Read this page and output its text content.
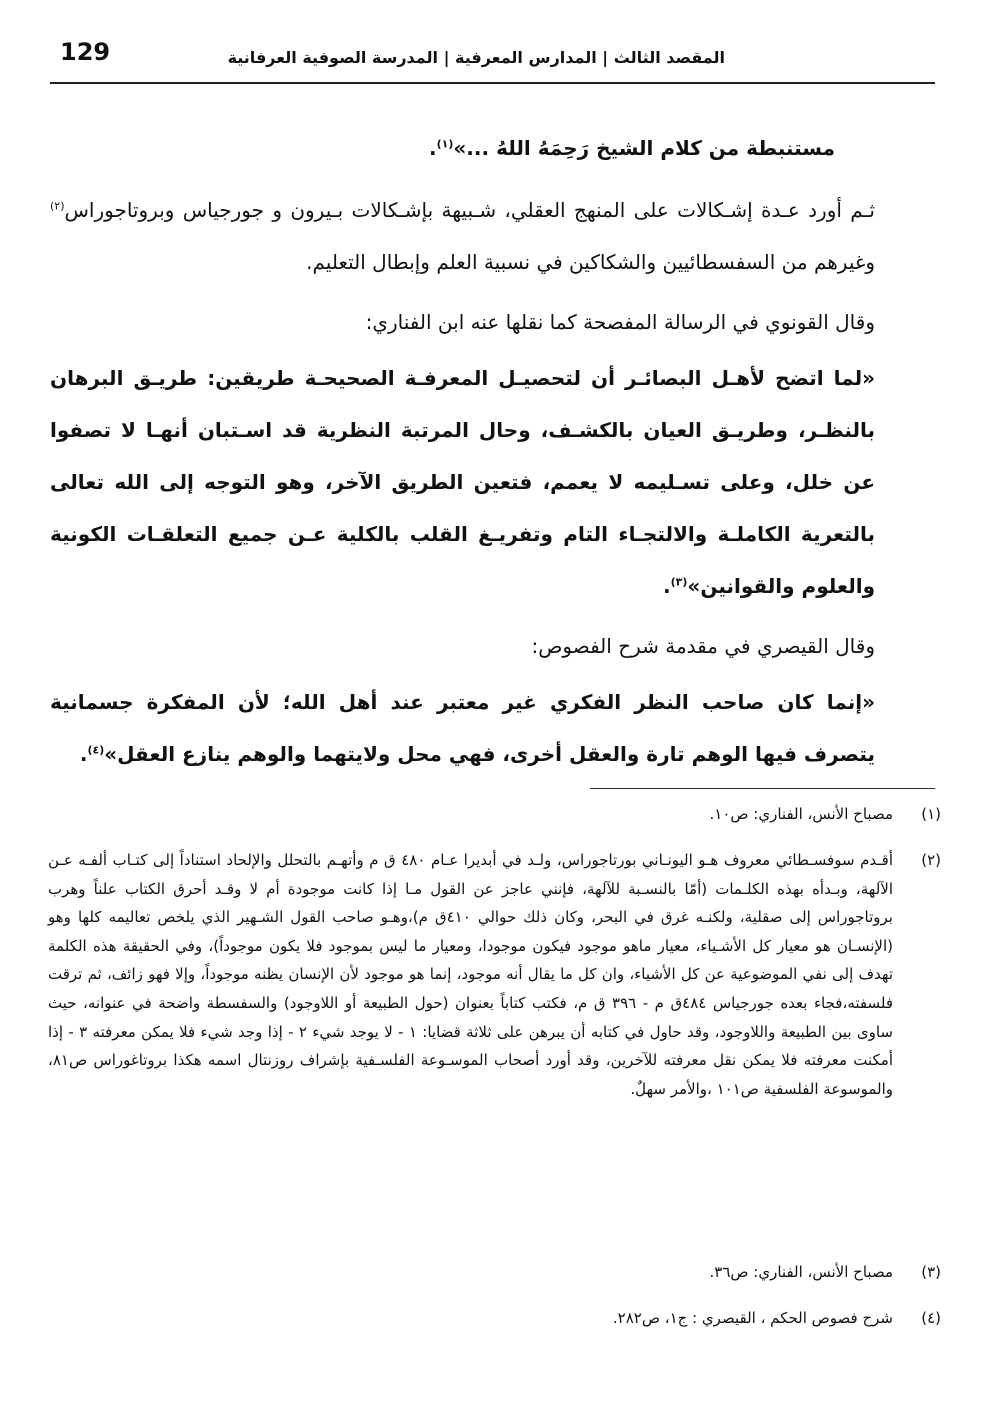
129	المقصد الثالث | المدارس المعرفية | المدرسة الصوفية العرفانية

مستنبطة من كلام الشيخ رَحِمَهُ اللهُ ...»$^{(١)}$.

ثـم أورد عـدة إشـكالات على المنهج العقلي، شـبيهة بإشـكالات بـيرون و جورجياس وبروتاجوراس$^{(٢)}$ وغيرهم من السفسطائيين والشكاكين في نسبية العلم وإبطال التعليم.

وقال القونوي في الرسالة المفصحة كما نقلها عنه ابن الفناري:

«لما اتضح لأهـل البصائـر أن لتحصيـل المعرفـة الصحيحـة طريقين: طريـق البرهان بالنظـر، وطريـق العيان بالكشـف، وحال المرتبة النظرية قد اسـتبان أنهـا لا تصفوا عن خلل، وعلى تسـليمه لا يعمم، فتعين الطريق الآخر، وهو التوجه إلى الله تعالى بالتعرية الكاملـة والالتجـاء التام وتفريـغ القلب بالكلية عـن جميع التعلقـات الكونية والعلوم والقوانين»$^{(٣)}$.

وقال القيصري في مقدمة شرح الفصوص:

«إنما كان صاحب النظر الفكري غير معتبر عند أهل الله؛ لأن المفكرة جسمانية يتصرف فيها الوهم تارة والعقل أخرى، فهي محل ولايتهما والوهم ينازع العقل»$^{(٤)}$.

(١)
مصباح الأنس، الفناري: ص١٠.
(٢)
أقـدم سوفسـطائي معروف هـو اليونـاني بورتاجوراس، ولـد في أبديرا عـام ٤٨٠ ق م وأتهـم بالتحلل والإلحاد استناداً إلى كتـاب ألفـه عـن الآلهة، وبـدأه بهذه الكلـمات (أمّا بالنسـبة للآلهة، فإنني عاجز عن القول مـا إذا كانت موجودة أم لا وقـد أحرق الكتاب علناً وهرب بروتاجوراس إلى صقلية، ولكنـه غرق في البحر، وكان ذلك حوالي ٤١٠ق م)،وهـو صاحب القول الشـهير الذي يلخص تعاليمه كلها وهو (الإنسـان هو معيار كل الأشـياء، معيار ماهو موجود فيكون موجودا، ومعيار ما ليس بموجود فلا يكون موجوداً)، وفي الحقيقة هذه الكلمة تهدف إلى نفي الموضوعية عن كل الأشياء، وان كل ما يقال أنه موجود، إنما هو موجود لأن الإنسان يظنه موجوداً، وإلا فهو زائف، ثم ترقت فلسفته،فجاء بعده جورجياس ٤٨٤ق م - ٣٩٦ ق م، فكتب كتاباً بعنوان (حول الطبيعة أو اللاوجود) والسفسطة واضحة في عنوانه، حيث ساوى بين الطبيعة واللاوجود، وقد حاول في كتابه أن يبرهن على ثلاثة قضايا: ١ - لا يوجد شيء ٢ - إذا وجد شيء فلا يمكن معرفته ٣ - إذا أمكنت معرفته فلا يمكن نقل معرفته للآخرين، وقد أورد أصحاب الموسـوعة الفلسـفية بإشراف روزنتال اسمه هكذا بروتاغوراس ص٨١، والموسوعة الفلسفية ص١٠١ ،والأمر سهلٌ.
(٣)
مصباح الأنس، الفناري: ص٣٦.
(٤)
شرح فصوص الحكم ، القيصري : ج١، ص٢٨٢.
